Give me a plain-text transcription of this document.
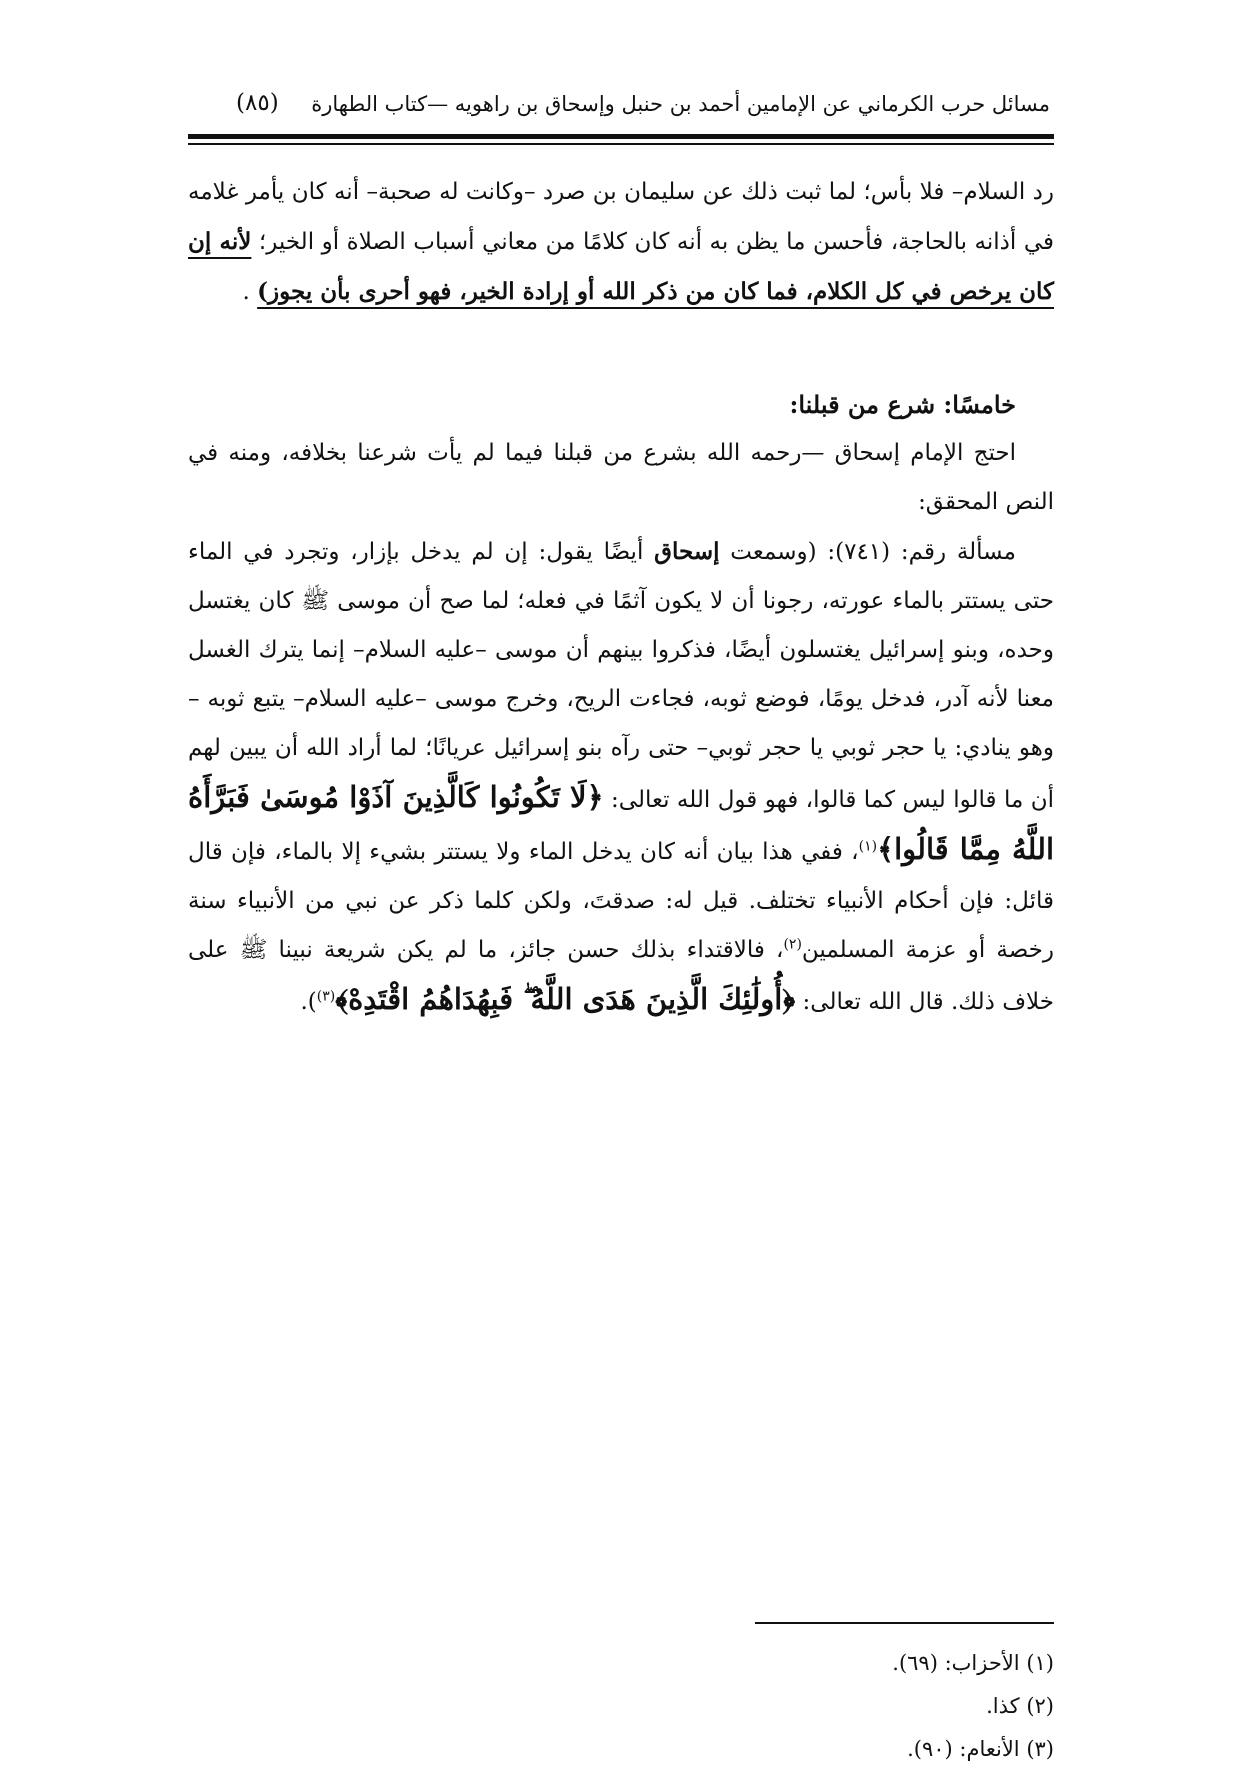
مسائل حرب الكرماني عن الإمامين أحمد بن حنبل وإسحاق بن راهويه —كتاب الطهارة
(٨٥)

رد السلام– فلا بأس؛ لما ثبت ذلك عن سليمان بن صرد –وكانت له صحبة– أنه كان يأمر غلامه في أذانه بالحاجة، فأحسن ما يظن به أنه كان كلامًا من معاني أسباب الصلاة أو الخير؛ لأنه إن كان يرخص في كل الكلام، فما كان من ذكر الله أو إرادة الخير، فهو أحرى بأن يجوز) .

خامسًا: شرع من قبلنا:

احتج الإمام إسحاق —رحمه الله بشرع من قبلنا فيما لم يأت شرعنا بخلافه، ومنه في النص المحقق:

مسألة رقم: (٧٤١): (وسمعت إسحاق أيضًا يقول: إن لم يدخل بإزار، وتجرد في الماء حتى يستتر بالماء عورته، رجونا أن لا يكون آثمًا في فعله؛ لما صح أن موسى ﷺ كان يغتسل وحده، وبنو إسرائيل يغتسلون أيضًا، فذكروا بينهم أن موسى –عليه السلام– إنما يترك الغسل معنا لأنه آدر، فدخل يومًا، فوضع ثوبه، فجاءت الريح، وخرج موسى –عليه السلام– يتبع ثوبه –وهو ينادي: يا حجر ثوبي يا حجر ثوبي– حتى رآه بنو إسرائيل عريانًا؛ لما أراد الله أن يبين لهم أن ما قالوا ليس كما قالوا، فهو قول الله تعالى: ﴿لَا تَكُونُوا كَالَّذِينَ آذَوْا مُوسَىٰ فَبَرَّأَهُ اللَّهُ مِمَّا قَالُوا﴾$^{(١)}$، ففي هذا بيان أنه كان يدخل الماء ولا يستتر بشيء إلا بالماء، فإن قال قائل: فإن أحكام الأنبياء تختلف. قيل له: صدقتَ، ولكن كلما ذكر عن نبي من الأنبياء سنة رخصة أو عزمة المسلمين$^{(٢)}$، فالاقتداء بذلك حسن جائز، ما لم يكن شريعة نبينا ﷺ على خلاف ذلك. قال الله تعالى: ﴿أُولَٰئِكَ الَّذِينَ هَدَى اللَّهُ ۖ فَبِهُدَاهُمُ اقْتَدِهْ﴾$^{(٣)}$).

(١) الأحزاب: (٦٩).
(٢) كذا.
(٣) الأنعام: (٩٠).
